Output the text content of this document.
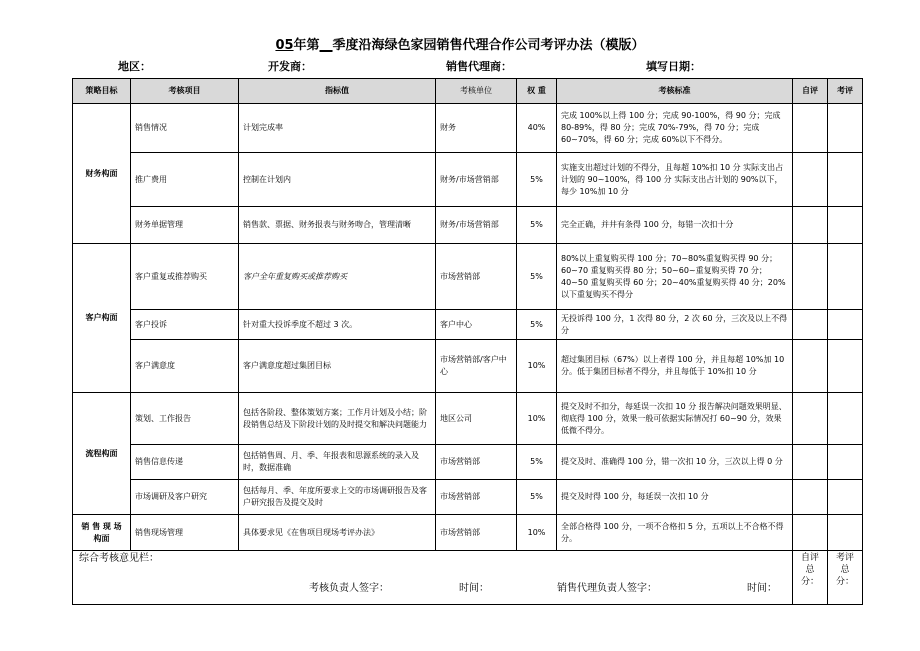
05年第__季度沿海绿色家园销售代理合作公司考评办法（模版）
地区：	开发商：	销售代理商：	填写日期：
策略目标	考核项目	指标值	考核单位	权 重	考核标准	自评	考评
财务构面	销售情况	计划完成率	财务	40%	完成 100%以上得 100 分；完成 90-100%，得 90 分；完成 80-89%，得 80 分；完成 70%-79%，得 70 分；完成 60~70%，得 60 分；完成 60%以下不得分。		
	推广费用	控制在计划内	财务/市场营销部	5%	实施支出超过计划的不得分，且每超 10%扣 10 分 实际支出占计划的 90~100%，得 100 分 实际支出占计划的 90%以下，每少 10%加 10 分		
	财务单据管理	销售款、票据、财务报表与财务吻合，管理清晰	财务/市场营销部	5%	完全正确，并井有条得 100 分，每错一次扣十分		
客户构面	客户重复或推荐购买	客户全年重复购买或推荐购买	市场营销部	5%	80%以上重复购买得 100 分；70~80%重复购买得 90 分；60~70 重复购买得 80 分；50~60~重复购买得 70 分；40~50 重复购买得 60 分；20~40%重复购买得 40 分；20%以下重复购买不得分		
	客户投诉	针对重大投诉季度不超过 3 次。	客户中心	5%	无投诉得 100 分，1 次得 80 分，2 次 60 分，三次及以上不得分		
	客户满意度	客户满意度超过集团目标	市场营销部/客户中心	10%	超过集团目标（67%）以上者得 100 分，并且每超 10%加 10 分。低于集团目标者不得分，并且每低于 10%扣 10 分		
流程构面	策划、工作报告	包括各阶段、整体策划方案；工作月计划及小结；阶段销售总结及下阶段计划的及时提交和解决问题能力	地区公司	10%	提交及时不扣分，每延误一次扣 10 分 报告解决问题效果明显、彻底得 100 分，效果一般可依据实际情况打 60~90 分，效果低微不得分。		
	销售信息传递	包括销售周、月、季、年报表和思源系统的录入及时，数据准确	市场营销部	5%	提交及时、准确得 100 分，错一次扣 10 分，三次以上得 0 分		
	市场调研及客户研究	包括每月、季、年度所要求上交的市场调研报告及客户研究报告及提交及时	市场营销部	5%	提交及时得 100 分，每延误一次扣 10 分		
销 售 现 场 构面	销售现场管理	具体要求见《在售项目现场考评办法》	市场营销部	10%	全部合格得 100 分，一项不合格扣 5 分，五项以上不合格不得分。		

综合考核意见栏：
考核负责人签字： 时间： 销售代理负责人签字： 时间：						自评总分：	考评总分：
